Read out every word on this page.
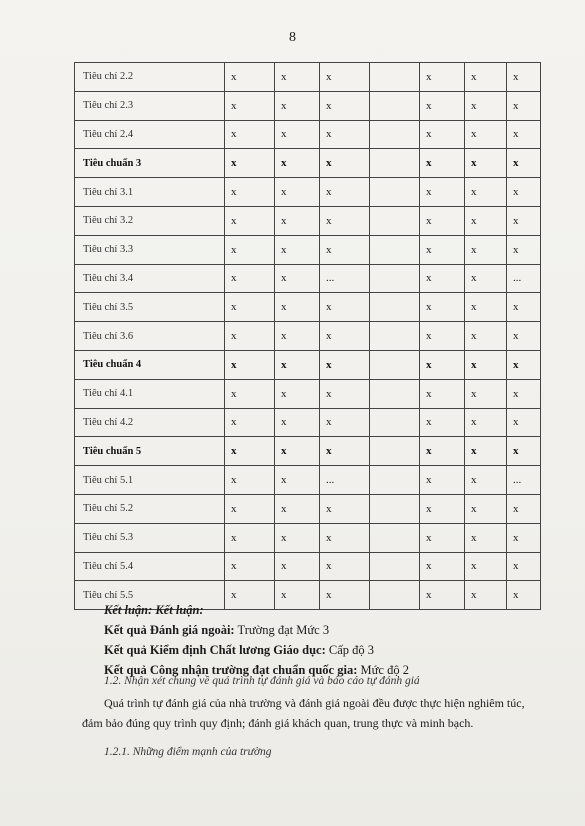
8
Tiêu chí 2.2	x	x	x		x	x	x
Tiêu chí 2.3	x	x	x		x	x	x
Tiêu chí 2.4	x	x	x		x	x	x
Tiêu chuẩn 3	x	x	x		x	x	x
Tiêu chí 3.1	x	x	x		x	x	x
Tiêu chí 3.2	x	x	x		x	x	x
Tiêu chí 3.3	x	x	x		x	x	x
Tiêu chí 3.4	x	x	...		x	x	...
Tiêu chí 3.5	x	x	x		x	x	x
Tiêu chí 3.6	x	x	x		x	x	x
Tiêu chuẩn 4	x	x	x		x	x	x
Tiêu chí 4.1	x	x	x		x	x	x
Tiêu chí 4.2	x	x	x		x	x	x
Tiêu chuẩn 5	x	x	x		x	x	x
Tiêu chí 5.1	x	x	...		x	x	...
Tiêu chí 5.2	x	x	x		x	x	x
Tiêu chí 5.3	x	x	x		x	x	x
Tiêu chí 5.4	x	x	x		x	x	x
Tiêu chí 5.5	x	x	x		x	x	x
Kết luận: Kết luận:
Kết quả Đánh giá ngoài: Trường đạt Mức 3
Kết quả Kiểm định Chất lương Giáo dục: Cấp độ 3
Kết quả Công nhận trường đạt chuẩn quốc gia: Mức độ 2
1.2. Nhận xét chung về quá trình tự đánh giá và báo cáo tự đánh giá
Quá trình tự đánh giá của nhà trường và đánh giá ngoài đều được thực hiện nghiêm túc, đảm bảo đúng quy trình quy định; đánh giá khách quan, trung thực và minh bạch.
1.2.1. Những điểm mạnh của trường
